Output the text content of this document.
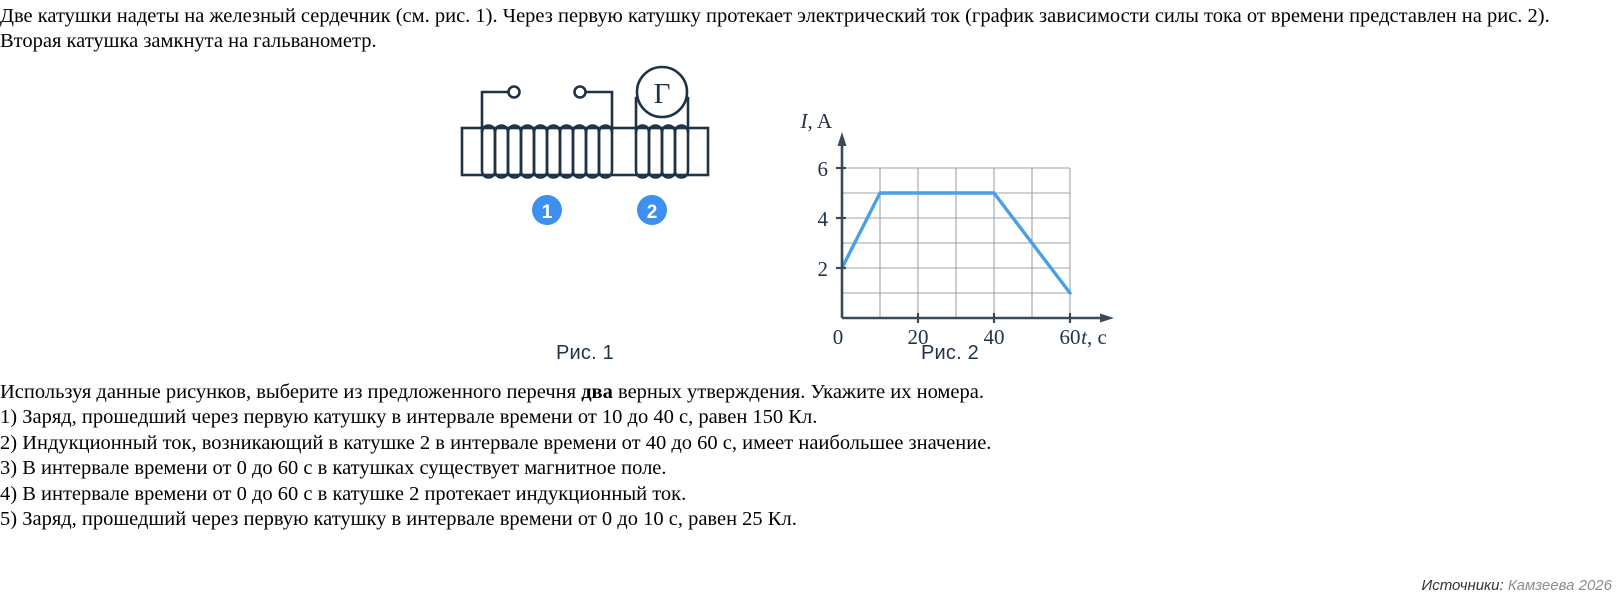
Две катушки надеты на железный сердечник (см. рис. 1). Через первую катушку протекает электрический ток (график зависимости силы тока от времени представлен на рис. 2). Вторая катушка замкнута на гальванометр.
Г
1	2
Рис. 1
2
4
6
0	20	40	60
I, A
t, c
Рис. 2
Используя данные рисунков, выберите из предложенного перечня два верных утверждения. Укажите их номера.
1) Заряд, прошедший через первую катушку в интервале времени от 10 до 40 с, равен 150 Кл.
2) Индукционный ток, возникающий в катушке 2 в интервале времени от 40 до 60 с, имеет наибольшее значение.
3) В интервале времени от 0 до 60 с в катушках существует магнитное поле.
4) В интервале времени от 0 до 60 с в катушке 2 протекает индукционный ток.
5) Заряд, прошедший через первую катушку в интервале времени от 0 до 10 с, равен 25 Кл.
Источники: Камзеева 2026
